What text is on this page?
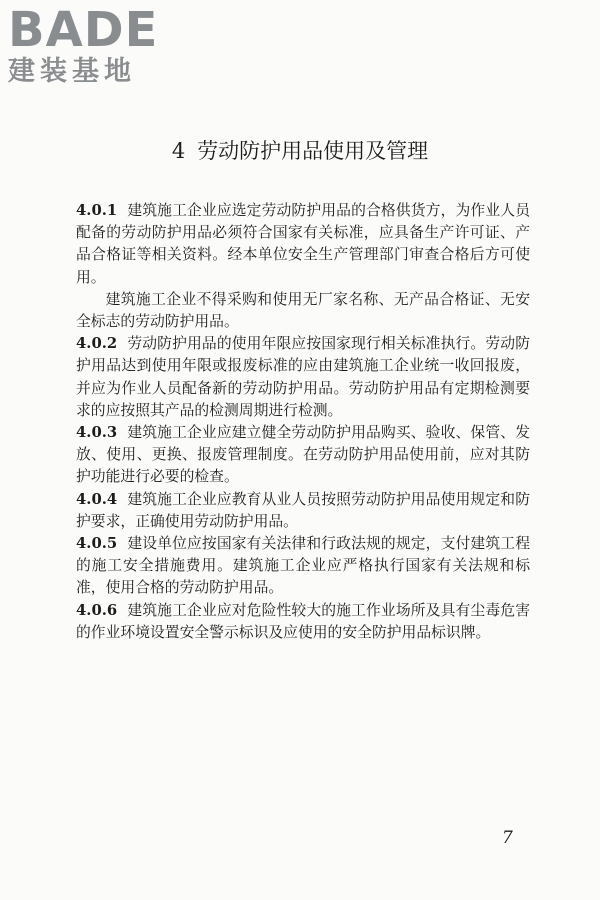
BADE
建装基地
4 劳动防护用品使用及管理

4.0.1 建筑施工企业应选定劳动防护用品的合格供货方，为作业人员配备的劳动防护用品必须符合国家有关标准，应具备生产许可证、产品合格证等相关资料。经本单位安全生产管理部门审查合格后方可使用。

建筑施工企业不得采购和使用无厂家名称、无产品合格证、无安全标志的劳动防护用品。

4.0.2 劳动防护用品的使用年限应按国家现行相关标准执行。劳动防护用品达到使用年限或报废标准的应由建筑施工企业统一收回报废，并应为作业人员配备新的劳动防护用品。劳动防护用品有定期检测要求的应按照其产品的检测周期进行检测。

4.0.3 建筑施工企业应建立健全劳动防护用品购买、验收、保管、发放、使用、更换、报废管理制度。在劳动防护用品使用前，应对其防护功能进行必要的检查。

4.0.4 建筑施工企业应教育从业人员按照劳动防护用品使用规定和防护要求，正确使用劳动防护用品。

4.0.5 建设单位应按国家有关法律和行政法规的规定，支付建筑工程的施工安全措施费用。建筑施工企业应严格执行国家有关法规和标准，使用合格的劳动防护用品。

4.0.6 建筑施工企业应对危险性较大的施工作业场所及具有尘毒危害的作业环境设置安全警示标识及应使用的安全防护用品标识牌。

7
